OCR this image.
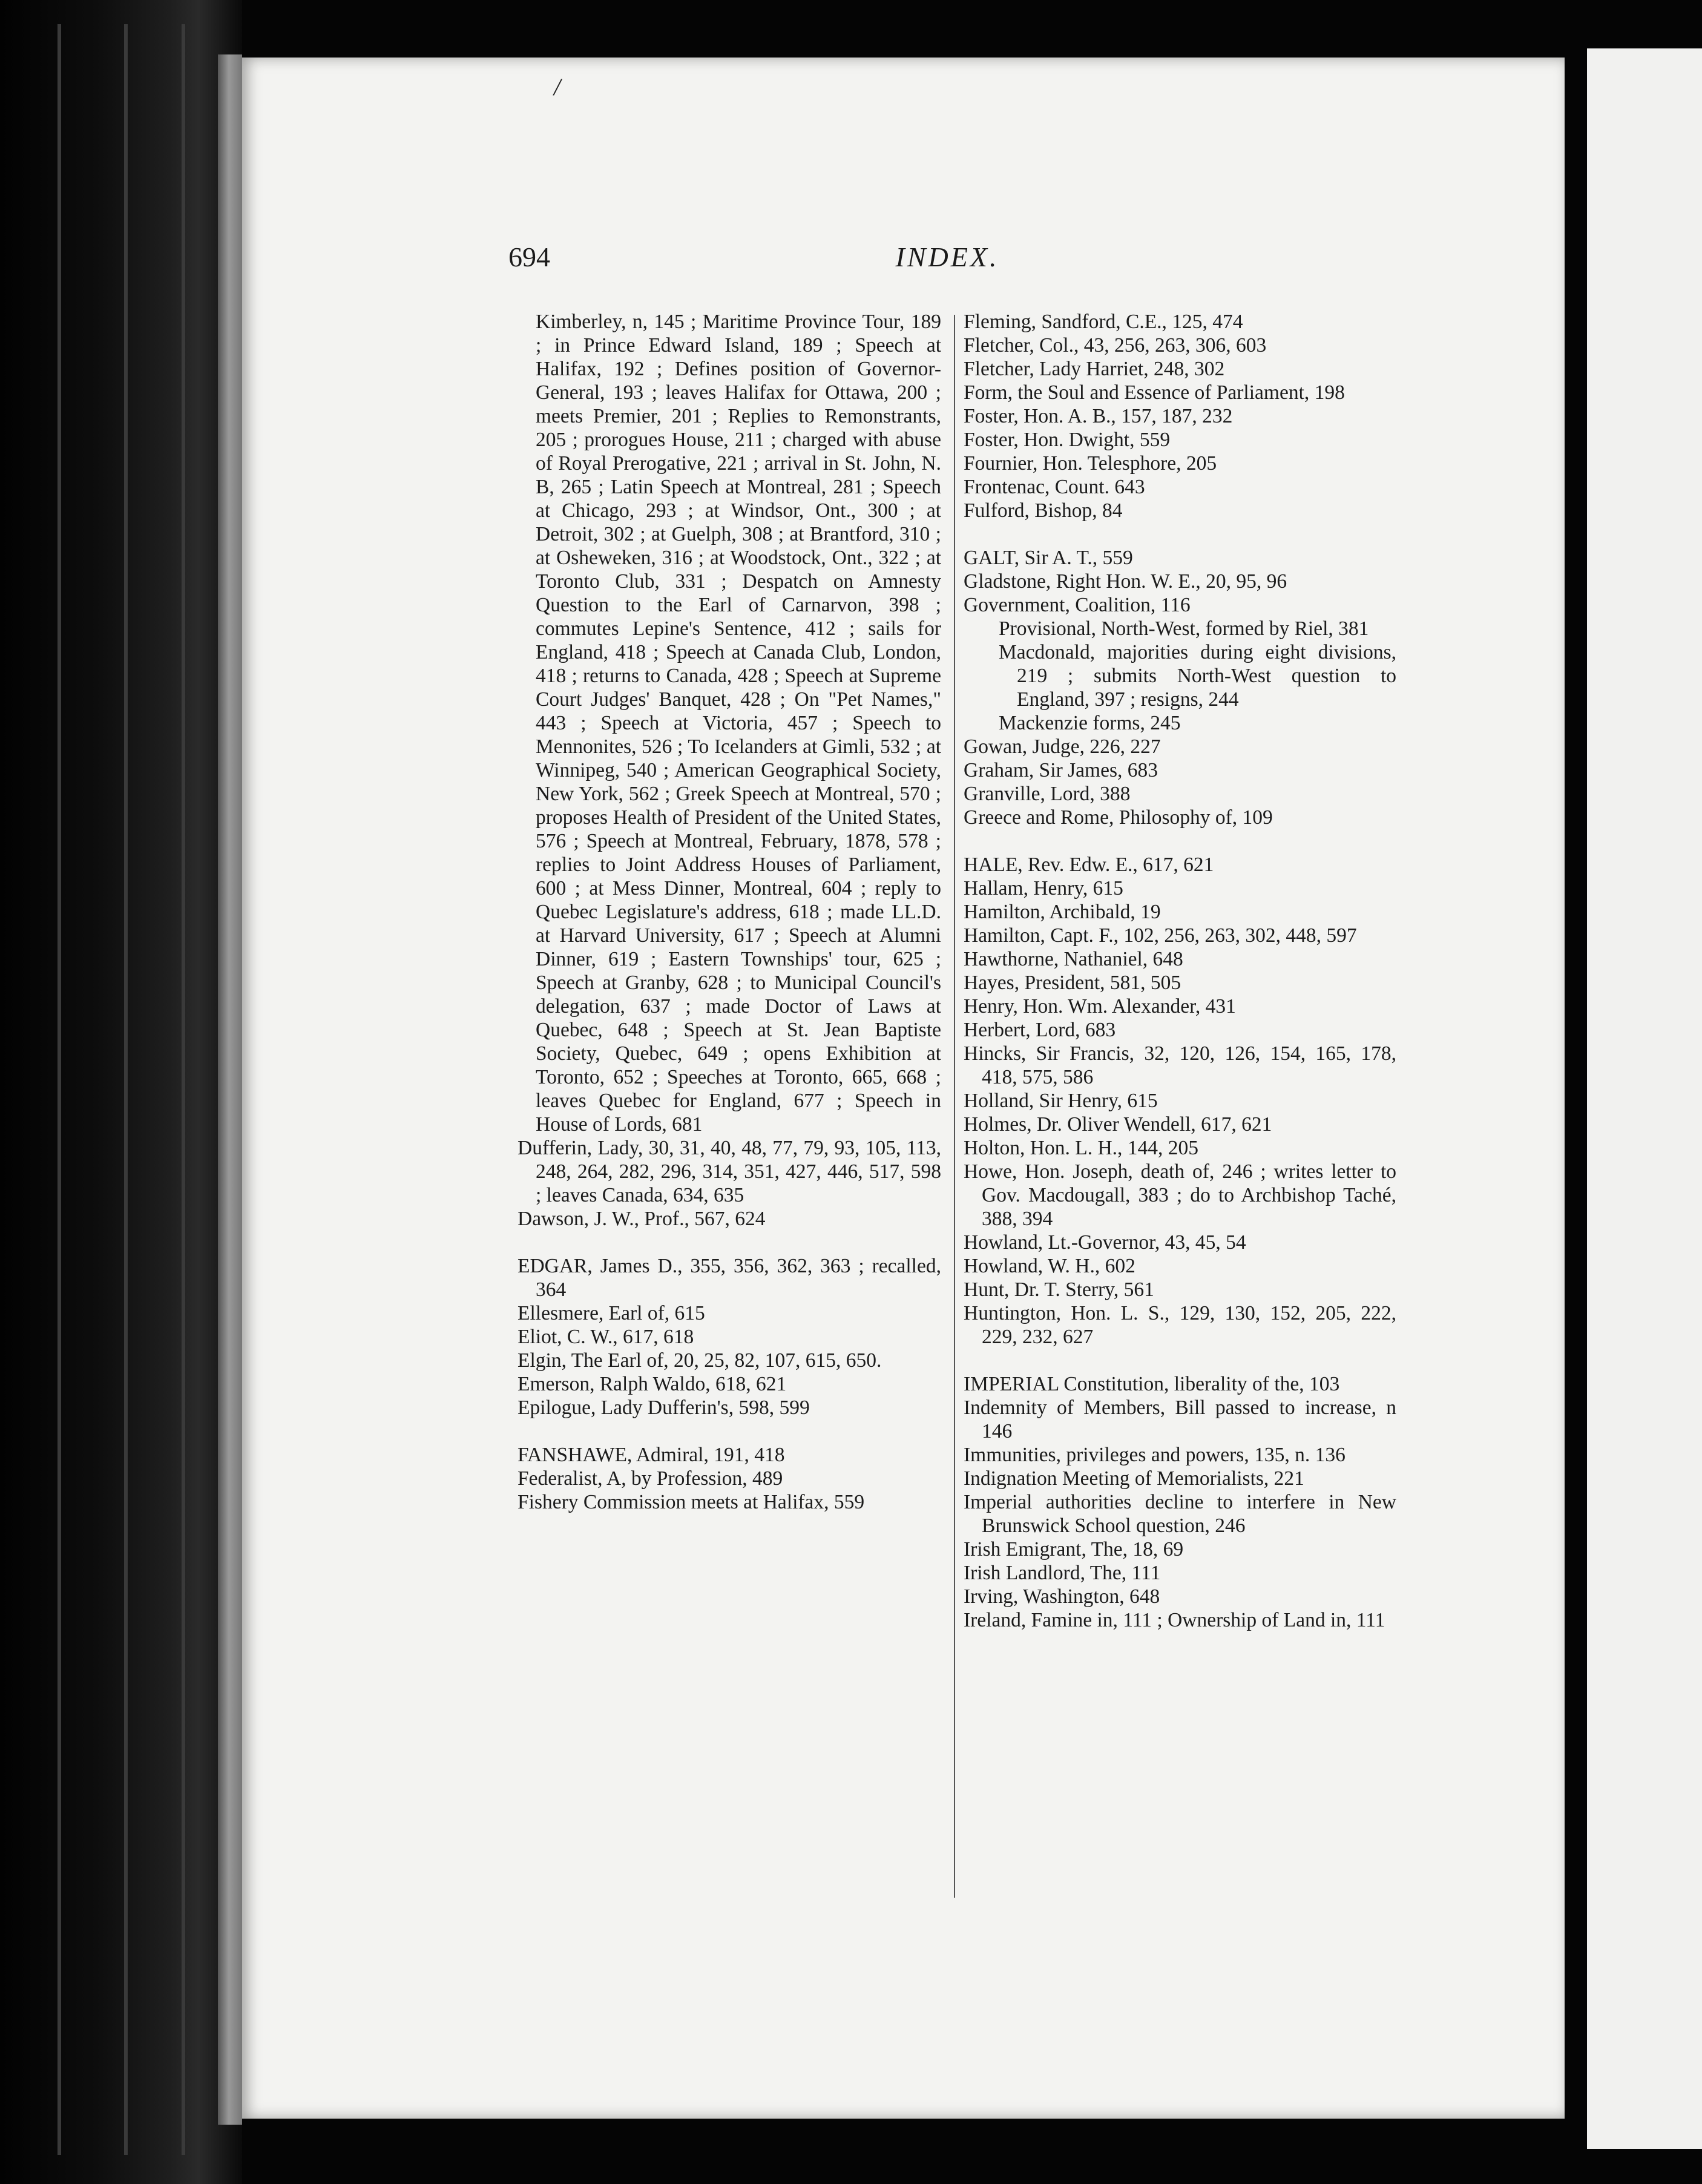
/
694	INDEX.
Kimberley, n, 145 ; Maritime Province Tour, 189 ; in Prince Edward Island, 189 ; Speech at Halifax, 192 ; Defines position of Governor-General, 193 ; leaves Halifax for Ottawa, 200 ; meets Premier, 201 ; Replies to Remonstrants, 205 ; prorogues House, 211 ; charged with abuse of Royal Prerogative, 221 ; arrival in St. John, N. B, 265 ; Latin Speech at Montreal, 281 ; Speech at Chicago, 293 ; at Windsor, Ont., 300 ; at Detroit, 302 ; at Guelph, 308 ; at Brantford, 310 ; at Osheweken, 316 ; at Woodstock, Ont., 322 ; at Toronto Club, 331 ; Despatch on Amnesty Question to the Earl of Carnarvon, 398 ; commutes Lepine's Sentence, 412 ; sails for England, 418 ; Speech at Canada Club, London, 418 ; returns to Canada, 428 ; Speech at Supreme Court Judges' Banquet, 428 ; On "Pet Names," 443 ; Speech at Victoria, 457 ; Speech to Mennonites, 526 ; To Icelanders at Gimli, 532 ; at Winnipeg, 540 ; American Geographical Society, New York, 562 ; Greek Speech at Montreal, 570 ; proposes Health of President of the United States, 576 ; Speech at Montreal, February, 1878, 578 ; replies to Joint Address Houses of Parliament, 600 ; at Mess Dinner, Montreal, 604 ; reply to Quebec Legislature's address, 618 ; made LL.D. at Harvard University, 617 ; Speech at Alumni Dinner, 619 ; Eastern Townships' tour, 625 ; Speech at Granby, 628 ; to Municipal Council's delegation, 637 ; made Doctor of Laws at Quebec, 648 ; Speech at St. Jean Baptiste Society, Quebec, 649 ; opens Exhibition at Toronto, 652 ; Speeches at Toronto, 665, 668 ; leaves Quebec for England, 677 ; Speech in House of Lords, 681
Dufferin, Lady, 30, 31, 40, 48, 77, 79, 93, 105, 113, 248, 264, 282, 296, 314, 351, 427, 446, 517, 598 ; leaves Canada, 634, 635
Dawson, J. W., Prof., 567, 624
EDGAR, James D., 355, 356, 362, 363 ; recalled, 364
Ellesmere, Earl of, 615
Eliot, C. W., 617, 618
Elgin, The Earl of, 20, 25, 82, 107, 615, 650.
Emerson, Ralph Waldo, 618, 621
Epilogue, Lady Dufferin's, 598, 599
FANSHAWE, Admiral, 191, 418
Federalist, A, by Profession, 489
Fishery Commission meets at Halifax, 559
Fleming, Sandford, C.E., 125, 474
Fletcher, Col., 43, 256, 263, 306, 603
Fletcher, Lady Harriet, 248, 302
Form, the Soul and Essence of Parliament, 198
Foster, Hon. A. B., 157, 187, 232
Foster, Hon. Dwight, 559
Fournier, Hon. Telesphore, 205
Frontenac, Count. 643
Fulford, Bishop, 84
GALT, Sir A. T., 559
Gladstone, Right Hon. W. E., 20, 95, 96
Government, Coalition, 116
Provisional, North-West, formed by Riel, 381
Macdonald, majorities during eight divisions, 219 ; submits North-West question to England, 397 ; resigns, 244
Mackenzie forms, 245
Gowan, Judge, 226, 227
Graham, Sir James, 683
Granville, Lord, 388
Greece and Rome, Philosophy of, 109
HALE, Rev. Edw. E., 617, 621
Hallam, Henry, 615
Hamilton, Archibald, 19
Hamilton, Capt. F., 102, 256, 263, 302, 448, 597
Hawthorne, Nathaniel, 648
Hayes, President, 581, 505
Henry, Hon. Wm. Alexander, 431
Herbert, Lord, 683
Hincks, Sir Francis, 32, 120, 126, 154, 165, 178, 418, 575, 586
Holland, Sir Henry, 615
Holmes, Dr. Oliver Wendell, 617, 621
Holton, Hon. L. H., 144, 205
Howe, Hon. Joseph, death of, 246 ; writes letter to Gov. Macdougall, 383 ; do to Archbishop Taché, 388, 394
Howland, Lt.-Governor, 43, 45, 54
Howland, W. H., 602
Hunt, Dr. T. Sterry, 561
Huntington, Hon. L. S., 129, 130, 152, 205, 222, 229, 232, 627
IMPERIAL Constitution, liberality of the, 103
Indemnity of Members, Bill passed to increase, n 146
Immunities, privileges and powers, 135, n. 136
Indignation Meeting of Memorialists, 221
Imperial authorities decline to interfere in New Brunswick School question, 246
Irish Emigrant, The, 18, 69
Irish Landlord, The, 111
Irving, Washington, 648
Ireland, Famine in, 111 ; Ownership of Land in, 111
